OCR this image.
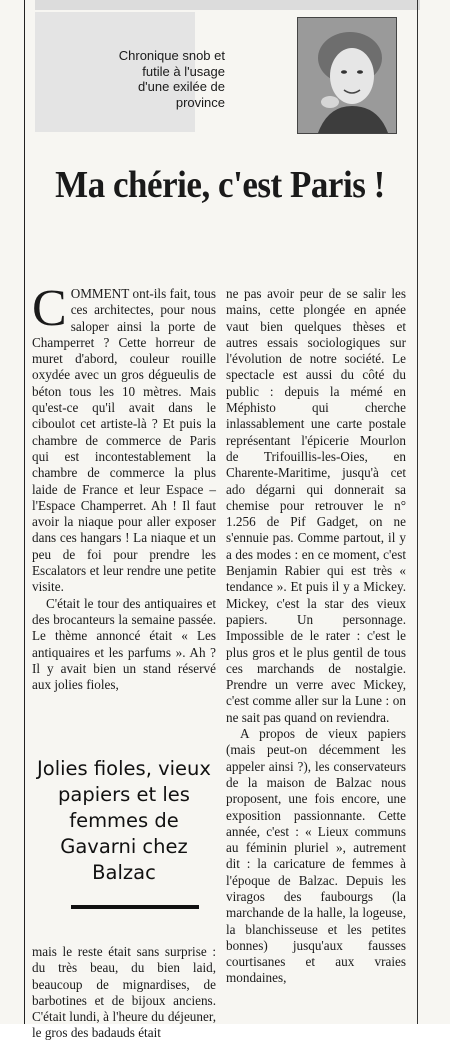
Chronique snob et futile à l'usage d'une exilée de province
Ma chérie, c'est Paris !

C OMMENT ont-ils fait, tous ces architectes, pour nous saloper ainsi la porte de Champerret ? Cette horreur de muret d'abord, couleur rouille oxydée avec un gros dégueulis de béton tous les 10 mètres. Mais qu'est-ce qu'il avait dans le ciboulot cet artiste-là ? Et puis la chambre de commerce de Paris qui est incontestablement la chambre de commerce la plus laide de France et leur Espace – l'Espace Champerret. Ah ! Il faut avoir la niaque pour aller exposer dans ces hangars ! La niaque et un peu de foi pour prendre les Escalators et leur rendre une petite visite.

C'était le tour des antiquaires et des brocanteurs la semaine passée. Le thème annoncé était « Les antiquaires et les parfums ». Ah ? Il y avait bien un stand réservé aux jolies fioles,

Jolies fioles, vieux papiers et les femmes de Gavarni chez Balzac

mais le reste était sans surprise : du très beau, du bien laid, beaucoup de mignardises, de barbotines et de bijoux anciens. C'était lundi, à l'heure du déjeuner, le gros des badauds était

ne pas avoir peur de se salir les mains, cette plongée en apnée vaut bien quelques thèses et autres essais sociologiques sur l'évolution de notre société. Le spectacle est aussi du côté du public : depuis la mémé en Méphisto qui cherche inlassablement une carte postale représentant l'épicerie Mourlon de Trifouillis-les-Oies, en Charente-Maritime, jusqu'à cet ado dégarni qui donnerait sa chemise pour retrouver le n° 1.256 de Pif Gadget, on ne s'ennuie pas. Comme partout, il y a des modes : en ce moment, c'est Benjamin Rabier qui est très « tendance ». Et puis il y a Mickey. Mickey, c'est la star des vieux papiers. Un personnage. Impossible de le rater : c'est le plus gros et le plus gentil de tous ces marchands de nostalgie. Prendre un verre avec Mickey, c'est comme aller sur la Lune : on ne sait pas quand on reviendra.

A propos de vieux papiers (mais peut-on décemment les appeler ainsi ?), les conservateurs de la maison de Balzac nous proposent, une fois encore, une exposition passionnante. Cette année, c'est : « Lieux communs au féminin pluriel », autrement dit : la caricature de femmes à l'époque de Balzac. Depuis les viragos des faubourgs (la marchande de la halle, la logeuse, la blanchisseuse et les petites bonnes) jusqu'aux fausses courtisanes et aux vraies mondaines,
